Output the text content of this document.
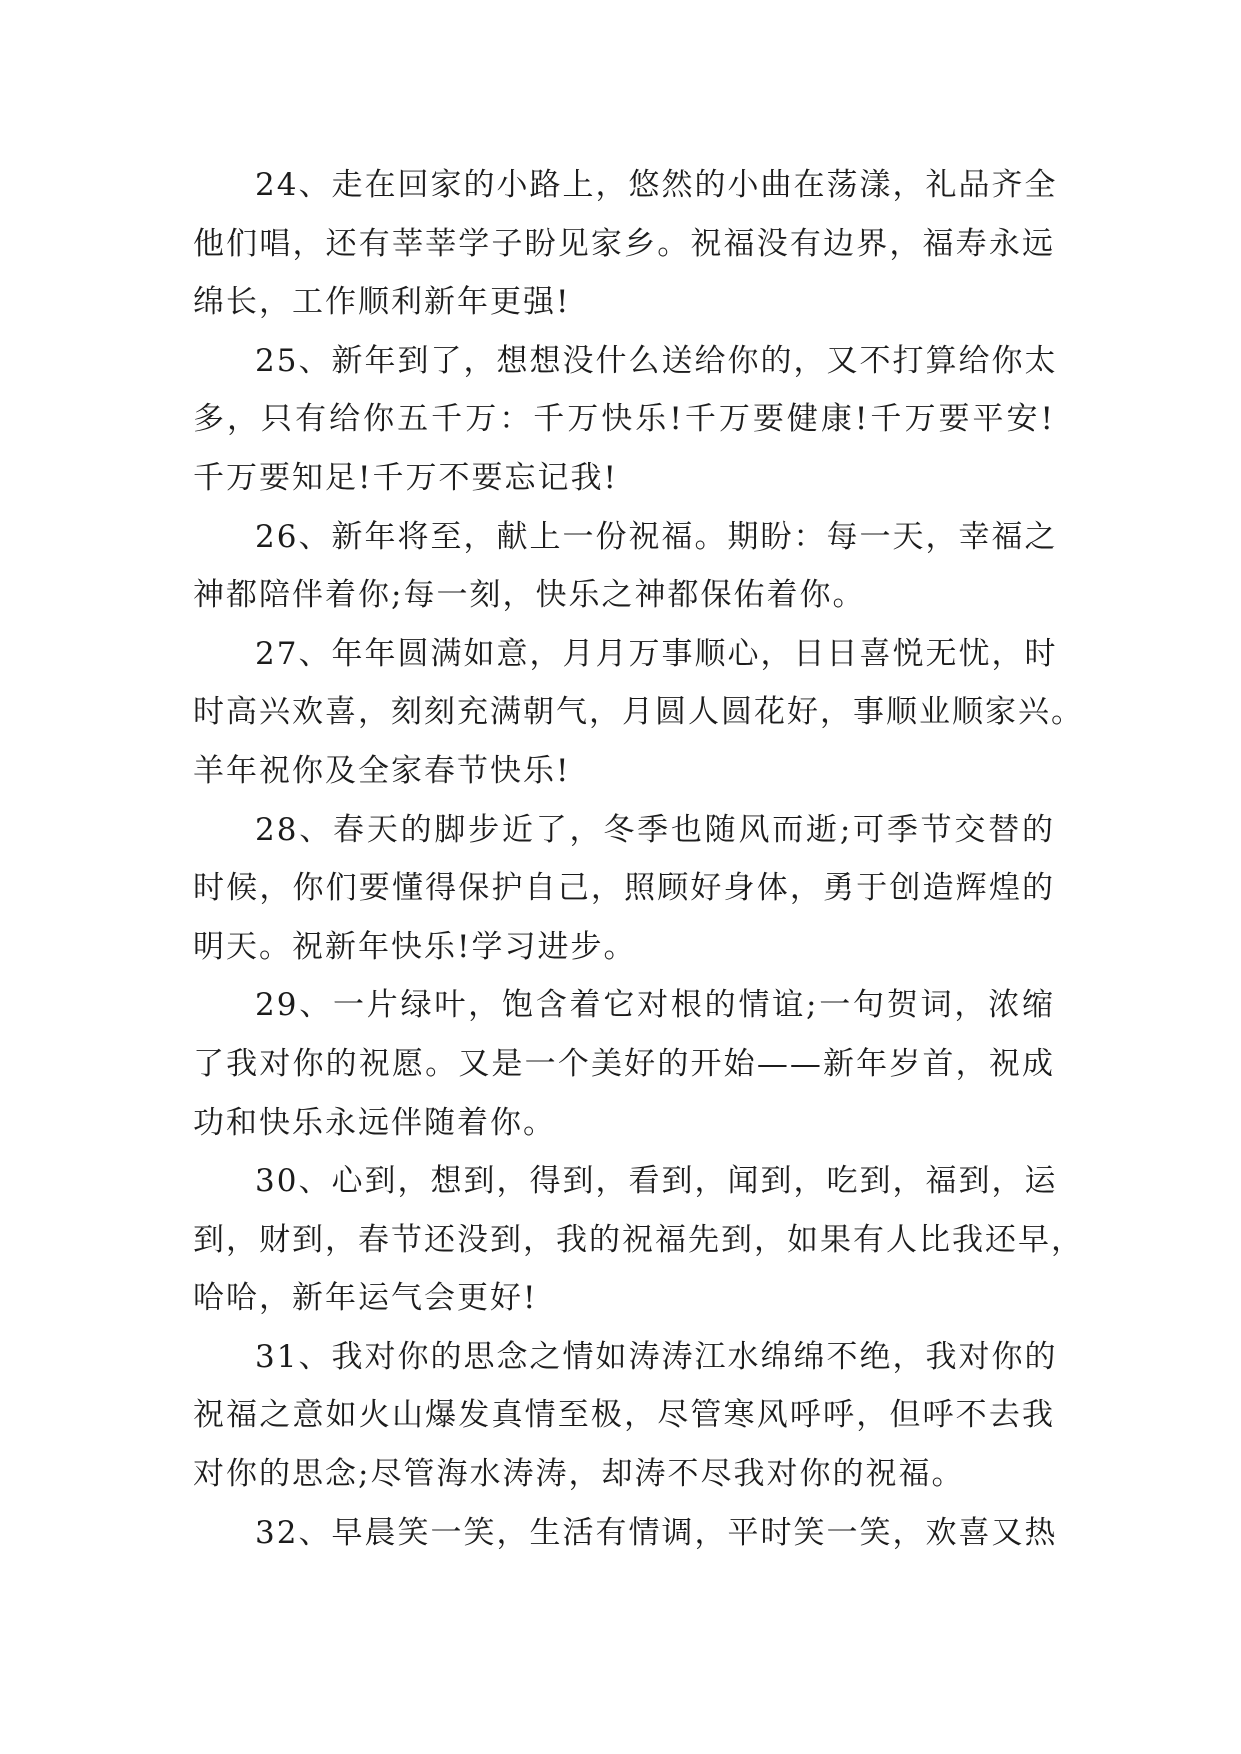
24、走在回家的小路上，悠然的小曲在荡漾，礼品齐全
他们唱，还有莘莘学子盼见家乡。祝福没有边界，福寿永远
绵长，工作顺利新年更强!
25、新年到了，想想没什么送给你的，又不打算给你太
多，只有给你五千万：千万快乐!千万要健康!千万要平安!
千万要知足!千万不要忘记我!
26、新年将至，献上一份祝福。期盼：每一天，幸福之
神都陪伴着你;每一刻，快乐之神都保佑着你。
27、年年圆满如意，月月万事顺心，日日喜悦无忧，时
时高兴欢喜，刻刻充满朝气，月圆人圆花好，事顺业顺家兴。
羊年祝你及全家春节快乐!
28、春天的脚步近了，冬季也随风而逝;可季节交替的
时候，你们要懂得保护自己，照顾好身体，勇于创造辉煌的
明天。祝新年快乐!学习进步。
29、一片绿叶，饱含着它对根的情谊;一句贺词，浓缩
了我对你的祝愿。又是一个美好的开始——新年岁首，祝成
功和快乐永远伴随着你。
30、心到，想到，得到，看到，闻到，吃到，福到，运
到，财到，春节还没到，我的祝福先到，如果有人比我还早，
哈哈，新年运气会更好!
31、我对你的思念之情如涛涛江水绵绵不绝，我对你的
祝福之意如火山爆发真情至极，尽管寒风呼呼，但呼不去我
对你的思念;尽管海水涛涛，却涛不尽我对你的祝福。
32、早晨笑一笑，生活有情调，平时笑一笑，欢喜又热
